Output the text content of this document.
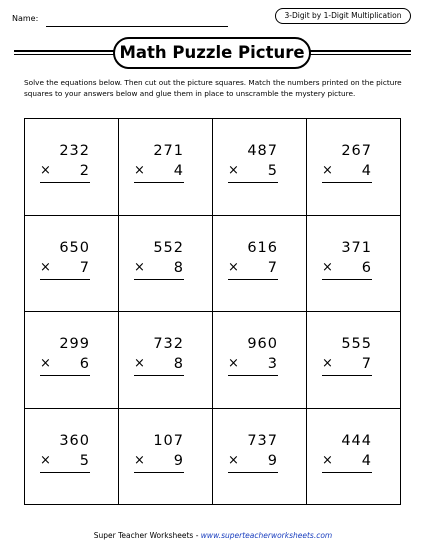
Name:	3-Digit by 1-Digit Multiplication
Math Puzzle Picture

Solve the equations below. Then cut out the picture squares. Match the numbers printed on the picture squares to your answers below and glue them in place to unscramble the mystery picture.

232
× 2
271
× 4
487
× 5
267
× 4
650
× 7
552
× 8
616
× 7
371
× 6
299
× 6
732
× 8
960
× 3
555
× 7
360
× 5
107
× 9
737
× 9
444
× 4
Super Teacher Worksheets - www.superteacherworksheets.com
